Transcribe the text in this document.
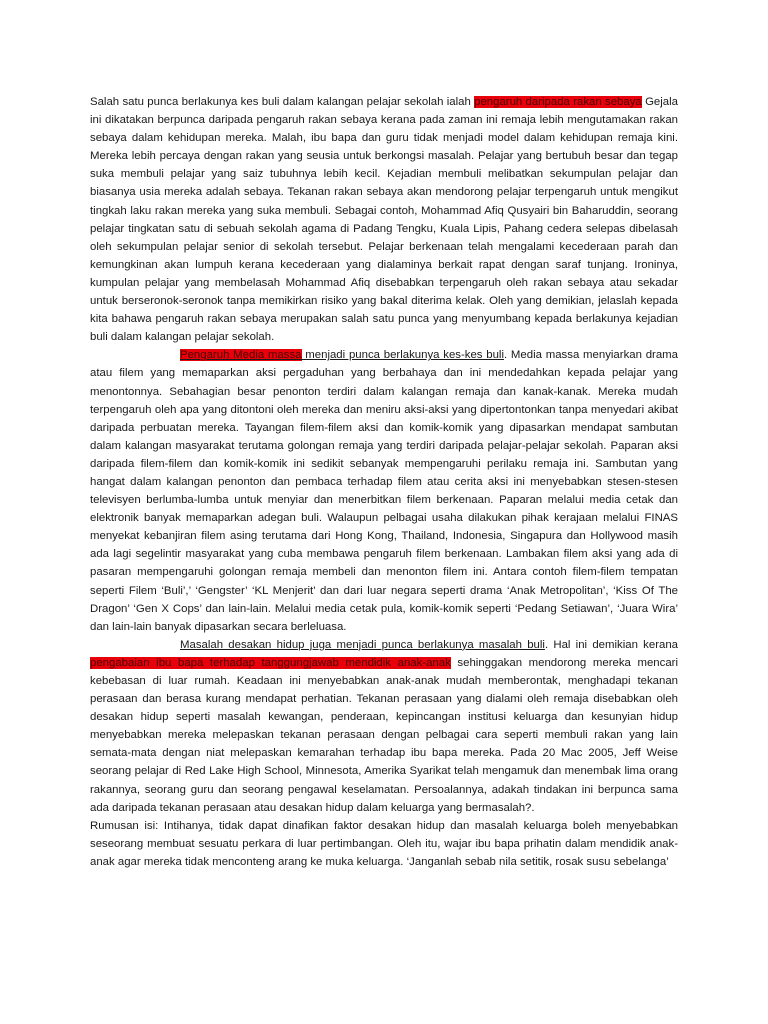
Salah satu punca berlakunya kes buli dalam kalangan pelajar sekolah ialah pengaruh daripada rakan sebaya Gejala ini dikatakan berpunca daripada pengaruh rakan sebaya kerana pada zaman ini remaja lebih mengutamakan rakan sebaya dalam kehidupan mereka. Malah, ibu bapa dan guru tidak menjadi model dalam kehidupan remaja kini. Mereka lebih percaya dengan rakan yang seusia untuk berkongsi masalah. Pelajar yang bertubuh besar dan tegap suka membuli pelajar yang saiz tubuhnya lebih kecil. Kejadian membuli melibatkan sekumpulan pelajar dan biasanya usia mereka adalah sebaya. Tekanan rakan sebaya akan mendorong pelajar terpengaruh untuk mengikut tingkah laku rakan mereka yang suka membuli. Sebagai contoh, Mohammad Afiq Qusyairi bin Baharuddin, seorang pelajar tingkatan satu di sebuah sekolah agama di Padang Tengku, Kuala Lipis, Pahang cedera selepas dibelasah oleh sekumpulan pelajar senior di sekolah tersebut. Pelajar berkenaan telah mengalami kecederaan parah dan kemungkinan akan lumpuh kerana kecederaan yang dialaminya berkait rapat dengan saraf tunjang. Ironinya, kumpulan pelajar yang membelasah Mohammad Afiq disebabkan terpengaruh oleh rakan sebaya atau sekadar untuk berseronok-seronok tanpa memikirkan risiko yang bakal diterima kelak. Oleh yang demikian, jelaslah kepada kita bahawa pengaruh rakan sebaya merupakan salah satu punca yang menyumbang kepada berlakunya kejadian buli dalam kalangan pelajar sekolah.

Pengaruh Media massa menjadi punca berlakunya kes-kes buli. Media massa menyiarkan drama atau filem yang memaparkan aksi pergaduhan yang berbahaya dan ini mendedahkan kepada pelajar yang menontonnya. Sebahagian besar penonton terdiri dalam kalangan remaja dan kanak-kanak. Mereka mudah terpengaruh oleh apa yang ditontoni oleh mereka dan meniru aksi-aksi yang dipertontonkan tanpa menyedari akibat daripada perbuatan mereka. Tayangan filem-filem aksi dan komik-komik yang dipasarkan mendapat sambutan dalam kalangan masyarakat terutama golongan remaja yang terdiri daripada pelajar-pelajar sekolah. Paparan aksi daripada filem-filem dan komik-komik ini sedikit sebanyak mempengaruhi perilaku remaja ini. Sambutan yang hangat dalam kalangan penonton dan pembaca terhadap filem atau cerita aksi ini menyebabkan stesen-stesen televisyen berlumba-lumba untuk menyiar dan menerbitkan filem berkenaan. Paparan melalui media cetak dan elektronik banyak memaparkan adegan buli. Walaupun pelbagai usaha dilakukan pihak kerajaan melalui FINAS menyekat kebanjiran filem asing terutama dari Hong Kong, Thailand, Indonesia, Singapura dan Hollywood masih ada lagi segelintir masyarakat yang cuba membawa pengaruh filem berkenaan. Lambakan filem aksi yang ada di pasaran mempengaruhi golongan remaja membeli dan menonton filem ini. Antara contoh filem-filem tempatan seperti Filem ‘Buli’,’ ‘Gengster’ ‘KL Menjerit’ dan dari luar negara seperti drama ‘Anak Metropolitan’, ‘Kiss Of The Dragon’ ‘Gen X Cops’ dan lain-lain. Melalui media cetak pula, komik-komik seperti ‘Pedang Setiawan’, ‘Juara Wira’ dan lain-lain banyak dipasarkan secara berleluasa.

Masalah desakan hidup juga menjadi punca berlakunya masalah buli. Hal ini demikian kerana pengabaian ibu bapa terhadap tanggungjawab mendidik anak-anak sehinggakan mendorong mereka mencari kebebasan di luar rumah. Keadaan ini menyebabkan anak-anak mudah memberontak, menghadapi tekanan perasaan dan berasa kurang mendapat perhatian. Tekanan perasaan yang dialami oleh remaja disebabkan oleh desakan hidup seperti masalah kewangan, penderaan, kepincangan institusi keluarga dan kesunyian hidup menyebabkan mereka melepaskan tekanan perasaan dengan pelbagai cara seperti membuli rakan yang lain semata-mata dengan niat melepaskan kemarahan terhadap ibu bapa mereka. Pada 20 Mac 2005, Jeff Weise seorang pelajar di Red Lake High School, Minnesota, Amerika Syarikat telah mengamuk dan menembak lima orang rakannya, seorang guru dan seorang pengawal keselamatan. Persoalannya, adakah tindakan ini berpunca sama ada daripada tekanan perasaan atau desakan hidup dalam keluarga yang bermasalah?.

Rumusan isi: Intihanya, tidak dapat dinafikan faktor desakan hidup dan masalah keluarga boleh menyebabkan seseorang membuat sesuatu perkara di luar pertimbangan. Oleh itu, wajar ibu bapa prihatin dalam mendidik anak-anak agar mereka tidak menconteng arang ke muka keluarga. ‘Janganlah sebab nila setitik, rosak susu sebelanga’
